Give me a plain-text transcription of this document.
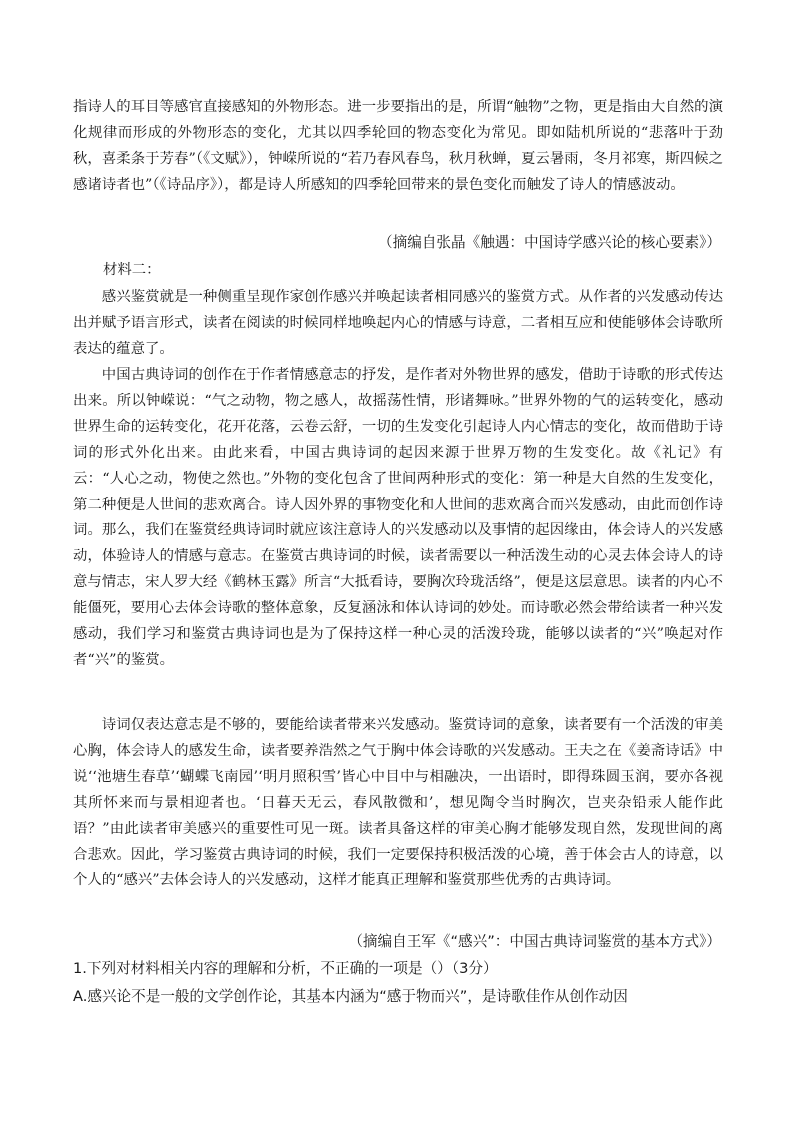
指诗人的耳目等感官直接感知的外物形态。进一步要指出的是，所谓“触物”之物，更是指由大自然的演化规律而形成的外物形态的变化，尤其以四季轮回的物态变化为常见。即如陆机所说的“悲落叶于劲秋，喜柔条于芳春”（《文赋》），钟嵘所说的“若乃春风春鸟，秋月秋蝉，夏云暑雨，冬月祁寒，斯四候之感诸诗者也”（《诗品序》），都是诗人所感知的四季轮回带来的景色变化而触发了诗人的情感波动。

（摘编自张晶《触遇：中国诗学感兴论的核心要素》）

材料二：

感兴鉴赏就是一种侧重呈现作家创作感兴并唤起读者相同感兴的鉴赏方式。从作者的兴发感动传达出并赋予语言形式，读者在阅读的时候同样地唤起内心的情感与诗意，二者相互应和使能够体会诗歌所表达的蕴意了。

中国古典诗词的创作在于作者情感意志的抒发，是作者对外物世界的感发，借助于诗歌的形式传达出来。所以钟嵘说：“气之动物，物之感人，故摇荡性情，形诸舞咏。”世界外物的气的运转变化，感动世界生命的运转变化，花开花落，云卷云舒，一切的生发变化引起诗人内心情志的变化，故而借助于诗词的形式外化出来。由此来看，中国古典诗词的起因来源于世界万物的生发变化。故《礼记》有云：“人心之动，物使之然也。”外物的变化包含了世间两种形式的变化：第一种是大自然的生发变化，第二种便是人世间的悲欢离合。诗人因外界的事物变化和人世间的悲欢离合而兴发感动，由此而创作诗词。那么，我们在鉴赏经典诗词时就应该注意诗人的兴发感动以及事情的起因缘由，体会诗人的兴发感动，体验诗人的情感与意志。在鉴赏古典诗词的时候，读者需要以一种活泼生动的心灵去体会诗人的诗意与情志，宋人罗大经《鹤林玉露》所言“大抵看诗，要胸次玲珑活络”，便是这层意思。读者的内心不能僵死，要用心去体会诗歌的整体意象，反复涵泳和体认诗词的妙处。而诗歌必然会带给读者一种兴发感动，我们学习和鉴赏古典诗词也是为了保持这样一种心灵的活泼玲珑，能够以读者的“兴”唤起对作者“兴”的鉴赏。

诗词仅表达意志是不够的，要能给读者带来兴发感动。鉴赏诗词的意象，读者要有一个活泼的审美心胸，体会诗人的感发生命，读者要养浩然之气于胸中体会诗歌的兴发感动。王夫之在《姜斋诗话》中说‘‘池塘生春草’‘蝴蝶飞南园’‘明月照积雪’皆心中目中与相融决，一出语时，即得珠圆玉润，要亦各视其所怀来而与景相迎者也。‘日暮天无云，春风散微和’，想见陶令当时胸次，岂夹杂铅汞人能作此语？”由此读者审美感兴的重要性可见一斑。读者具备这样的审美心胸才能够发现自然，发现世间的离合悲欢。因此，学习鉴赏古典诗词的时候，我们一定要保持积极活泼的心境，善于体会古人的诗意，以个人的“感兴”去体会诗人的兴发感动，这样才能真正理解和鉴赏那些优秀的古典诗词。

（摘编自王军《“感兴”：中国古典诗词鉴赏的基本方式》）

1.下列对材料相关内容的理解和分析，不正确的一项是（）（3分）

A.感兴论不是一般的文学创作论，其基本内涵为“感于物而兴”，是诗歌佳作从创作动因
